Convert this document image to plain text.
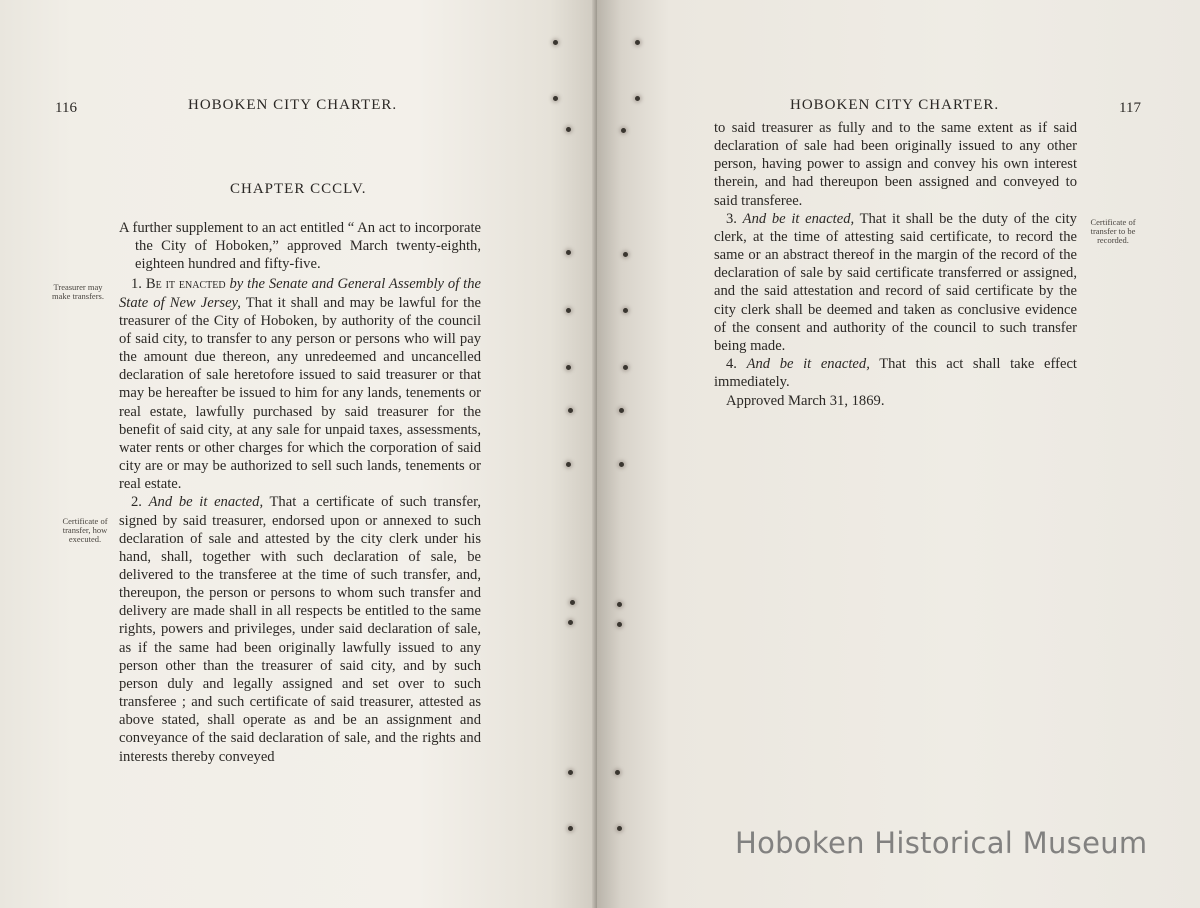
116	HOBOKEN CITY CHARTER.
CHAPTER CCCLV.
Treasurer may make transfers.
Certificate of transfer, how executed.

A further supplement to an act entitled “ An act to incorporate the City of Hoboken,” approved March twenty-eighth, eighteen hundred and fifty-five.

1. Be it enacted by the Senate and General Assembly of the State of New Jersey, That it shall and may be lawful for the treasurer of the City of Hoboken, by authority of the council of said city, to transfer to any person or persons who will pay the amount due thereon, any unredeemed and uncancelled declaration of sale heretofore issued to said treasurer or that may be hereafter be issued to him for any lands, tenements or real estate, lawfully purchased by said treasurer for the benefit of said city, at any sale for unpaid taxes, assessments, water rents or other charges for which the corporation of said city are or may be authorized to sell such lands, tenements or real estate.

2. And be it enacted, That a certificate of such transfer, signed by said treasurer, endorsed upon or annexed to such declaration of sale and attested by the city clerk under his hand, shall, together with such declaration of sale, be delivered to the transferee at the time of such transfer, and, thereupon, the person or persons to whom such transfer and delivery are made shall in all respects be entitled to the same rights, powers and privileges, under said declaration of sale, as if the same had been originally lawfully issued to any person other than the treasurer of said city, and by such person duly and legally assigned and set over to such transferee ; and such certificate of said treasurer, attested as above stated, shall operate as and be an assignment and conveyance of the said declaration of sale, and the rights and interests thereby conveyed

HOBOKEN CITY CHARTER.	117
Certificate of transfer to be recorded.

to said treasurer as fully and to the same extent as if said declaration of sale had been originally issued to any other person, having power to assign and convey his own interest therein, and had thereupon been assigned and conveyed to said transferee.

3. And be it enacted, That it shall be the duty of the city clerk, at the time of attesting said certificate, to record the same or an abstract thereof in the margin of the record of the declaration of sale by said certificate transferred or assigned, and the said attestation and record of said certificate by the city clerk shall be deemed and taken as conclusive evidence of the consent and authority of the council to such transfer being made.

4. And be it enacted, That this act shall take effect immediately.

Approved March 31, 1869.

Hoboken Historical Museum
